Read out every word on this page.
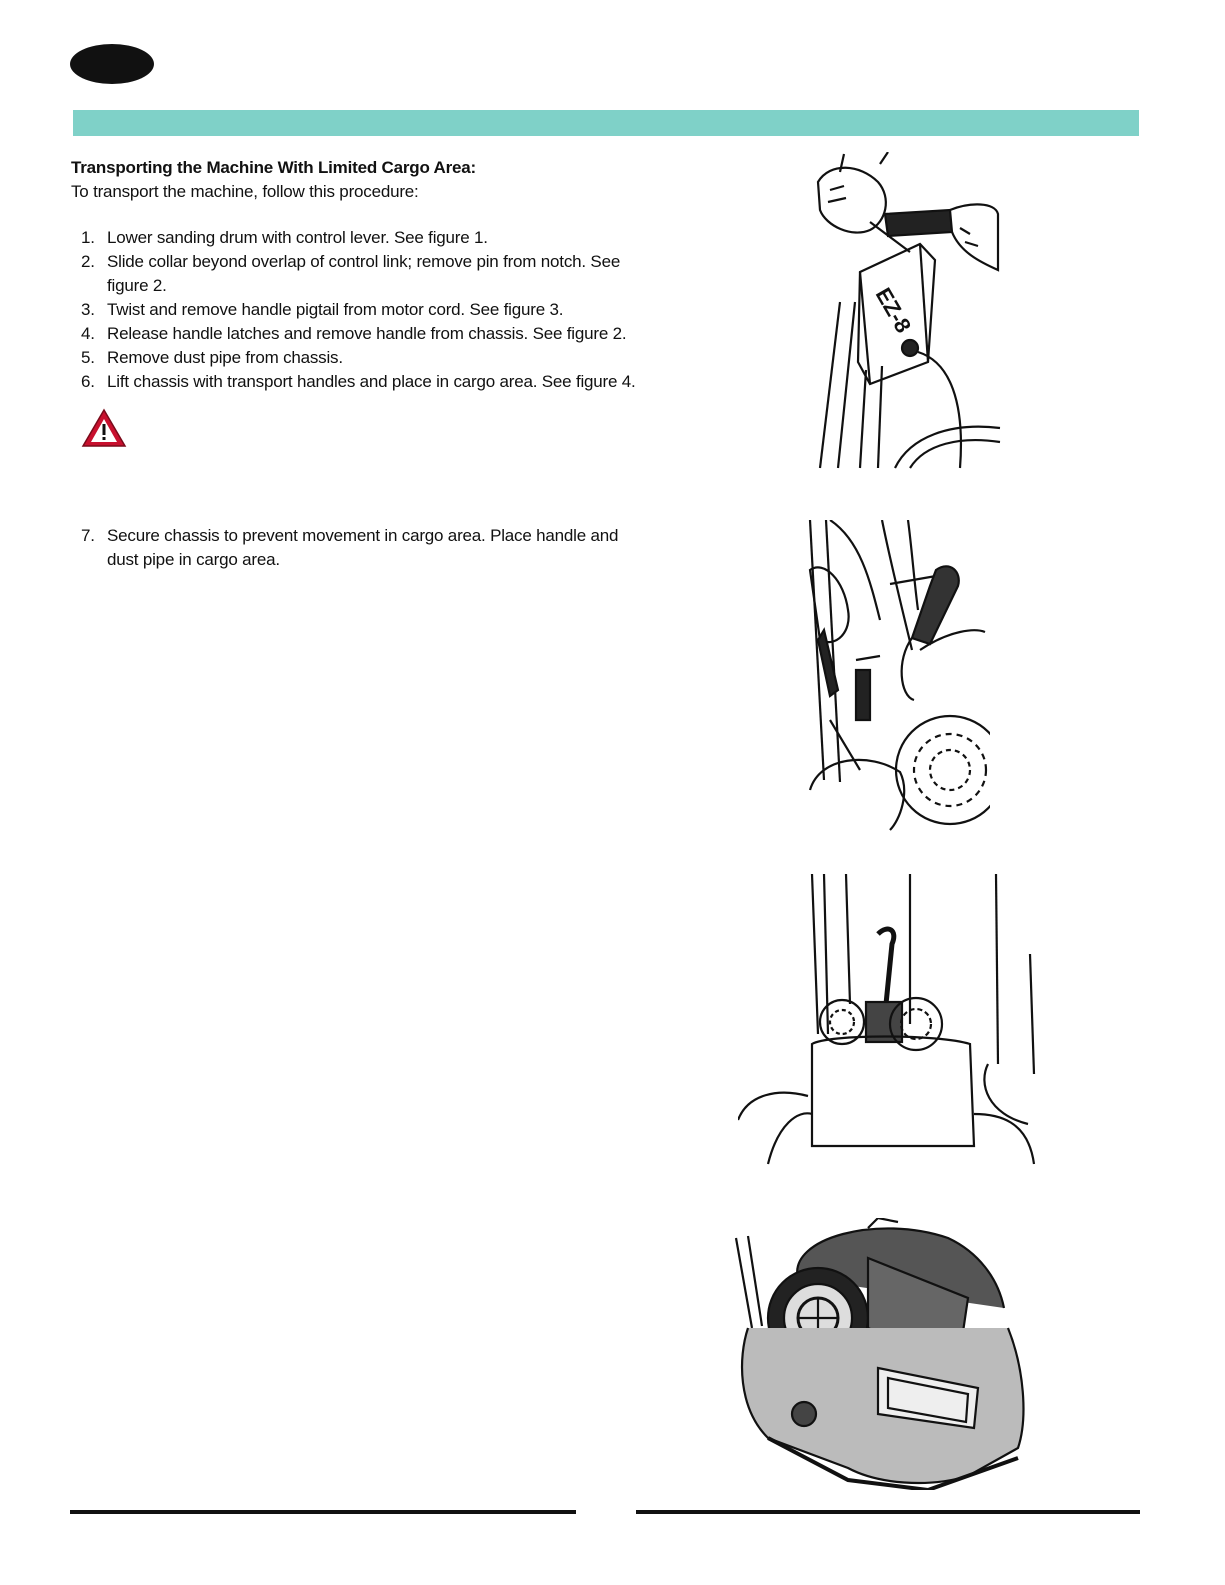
Transporting the Machine With Limited Cargo Area:

To transport the machine, follow this procedure:

1. Lower sanding drum with control lever. See figure 1.
2. Slide collar beyond overlap of control link; remove pin from notch. See figure 2.
3. Twist and remove handle pigtail from motor cord. See figure 3.
4. Release handle latches and remove handle from chassis. See figure 2.
5. Remove dust pipe from chassis.
6. Lift chassis with transport handles and place in cargo area. See figure 4.
7. Secure chassis to prevent movement in cargo area. Place handle and dust pipe in cargo area.
EZ-8
